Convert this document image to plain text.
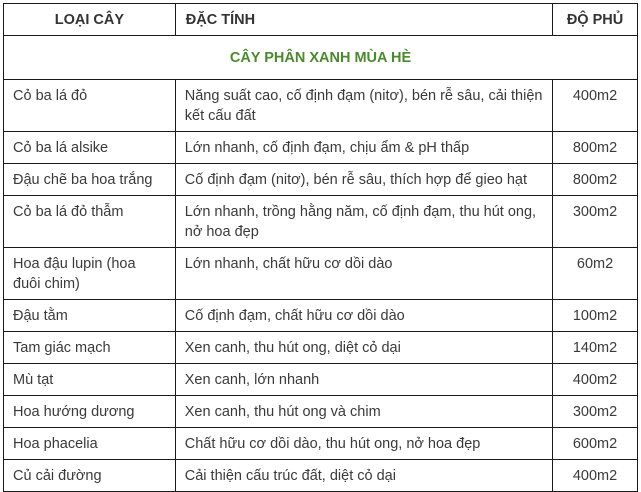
LOẠI CÂY	ĐẶC TÍNH	ĐỘ PHỦ
CÂY PHÂN XANH MÙA HÈ		
Cỏ ba lá đỏ	Năng suất cao, cố định đạm (nitơ), bén rễ sâu, cải thiện kết cấu đất	400m2
Cỏ ba lá alsike	Lớn nhanh, cố định đạm, chịu ẩm & pH thấp	800m2
Đậu chẽ ba hoa trắng	Cố định đạm (nitơ), bén rễ sâu, thích hợp để gieo hạt	800m2
Cỏ ba lá đỏ thẫm	Lớn nhanh, trồng hằng năm, cố định đạm, thu hút ong, nở hoa đẹp	300m2
Hoa đậu lupin (hoa đuôi chim)	Lớn nhanh, chất hữu cơ dồi dào	60m2
Đậu tằm	Cố định đạm, chất hữu cơ dồi dào	100m2
Tam giác mạch	Xen canh, thu hút ong, diệt cỏ dại	140m2
Mù tạt	Xen canh, lớn nhanh	400m2
Hoa hướng dương	Xen canh, thu hút ong và chim	300m2
Hoa phacelia	Chất hữu cơ dồi dào, thu hút ong, nở hoa đẹp	600m2
Củ cải đường	Cải thiện cấu trúc đất, diệt cỏ dại	400m2
